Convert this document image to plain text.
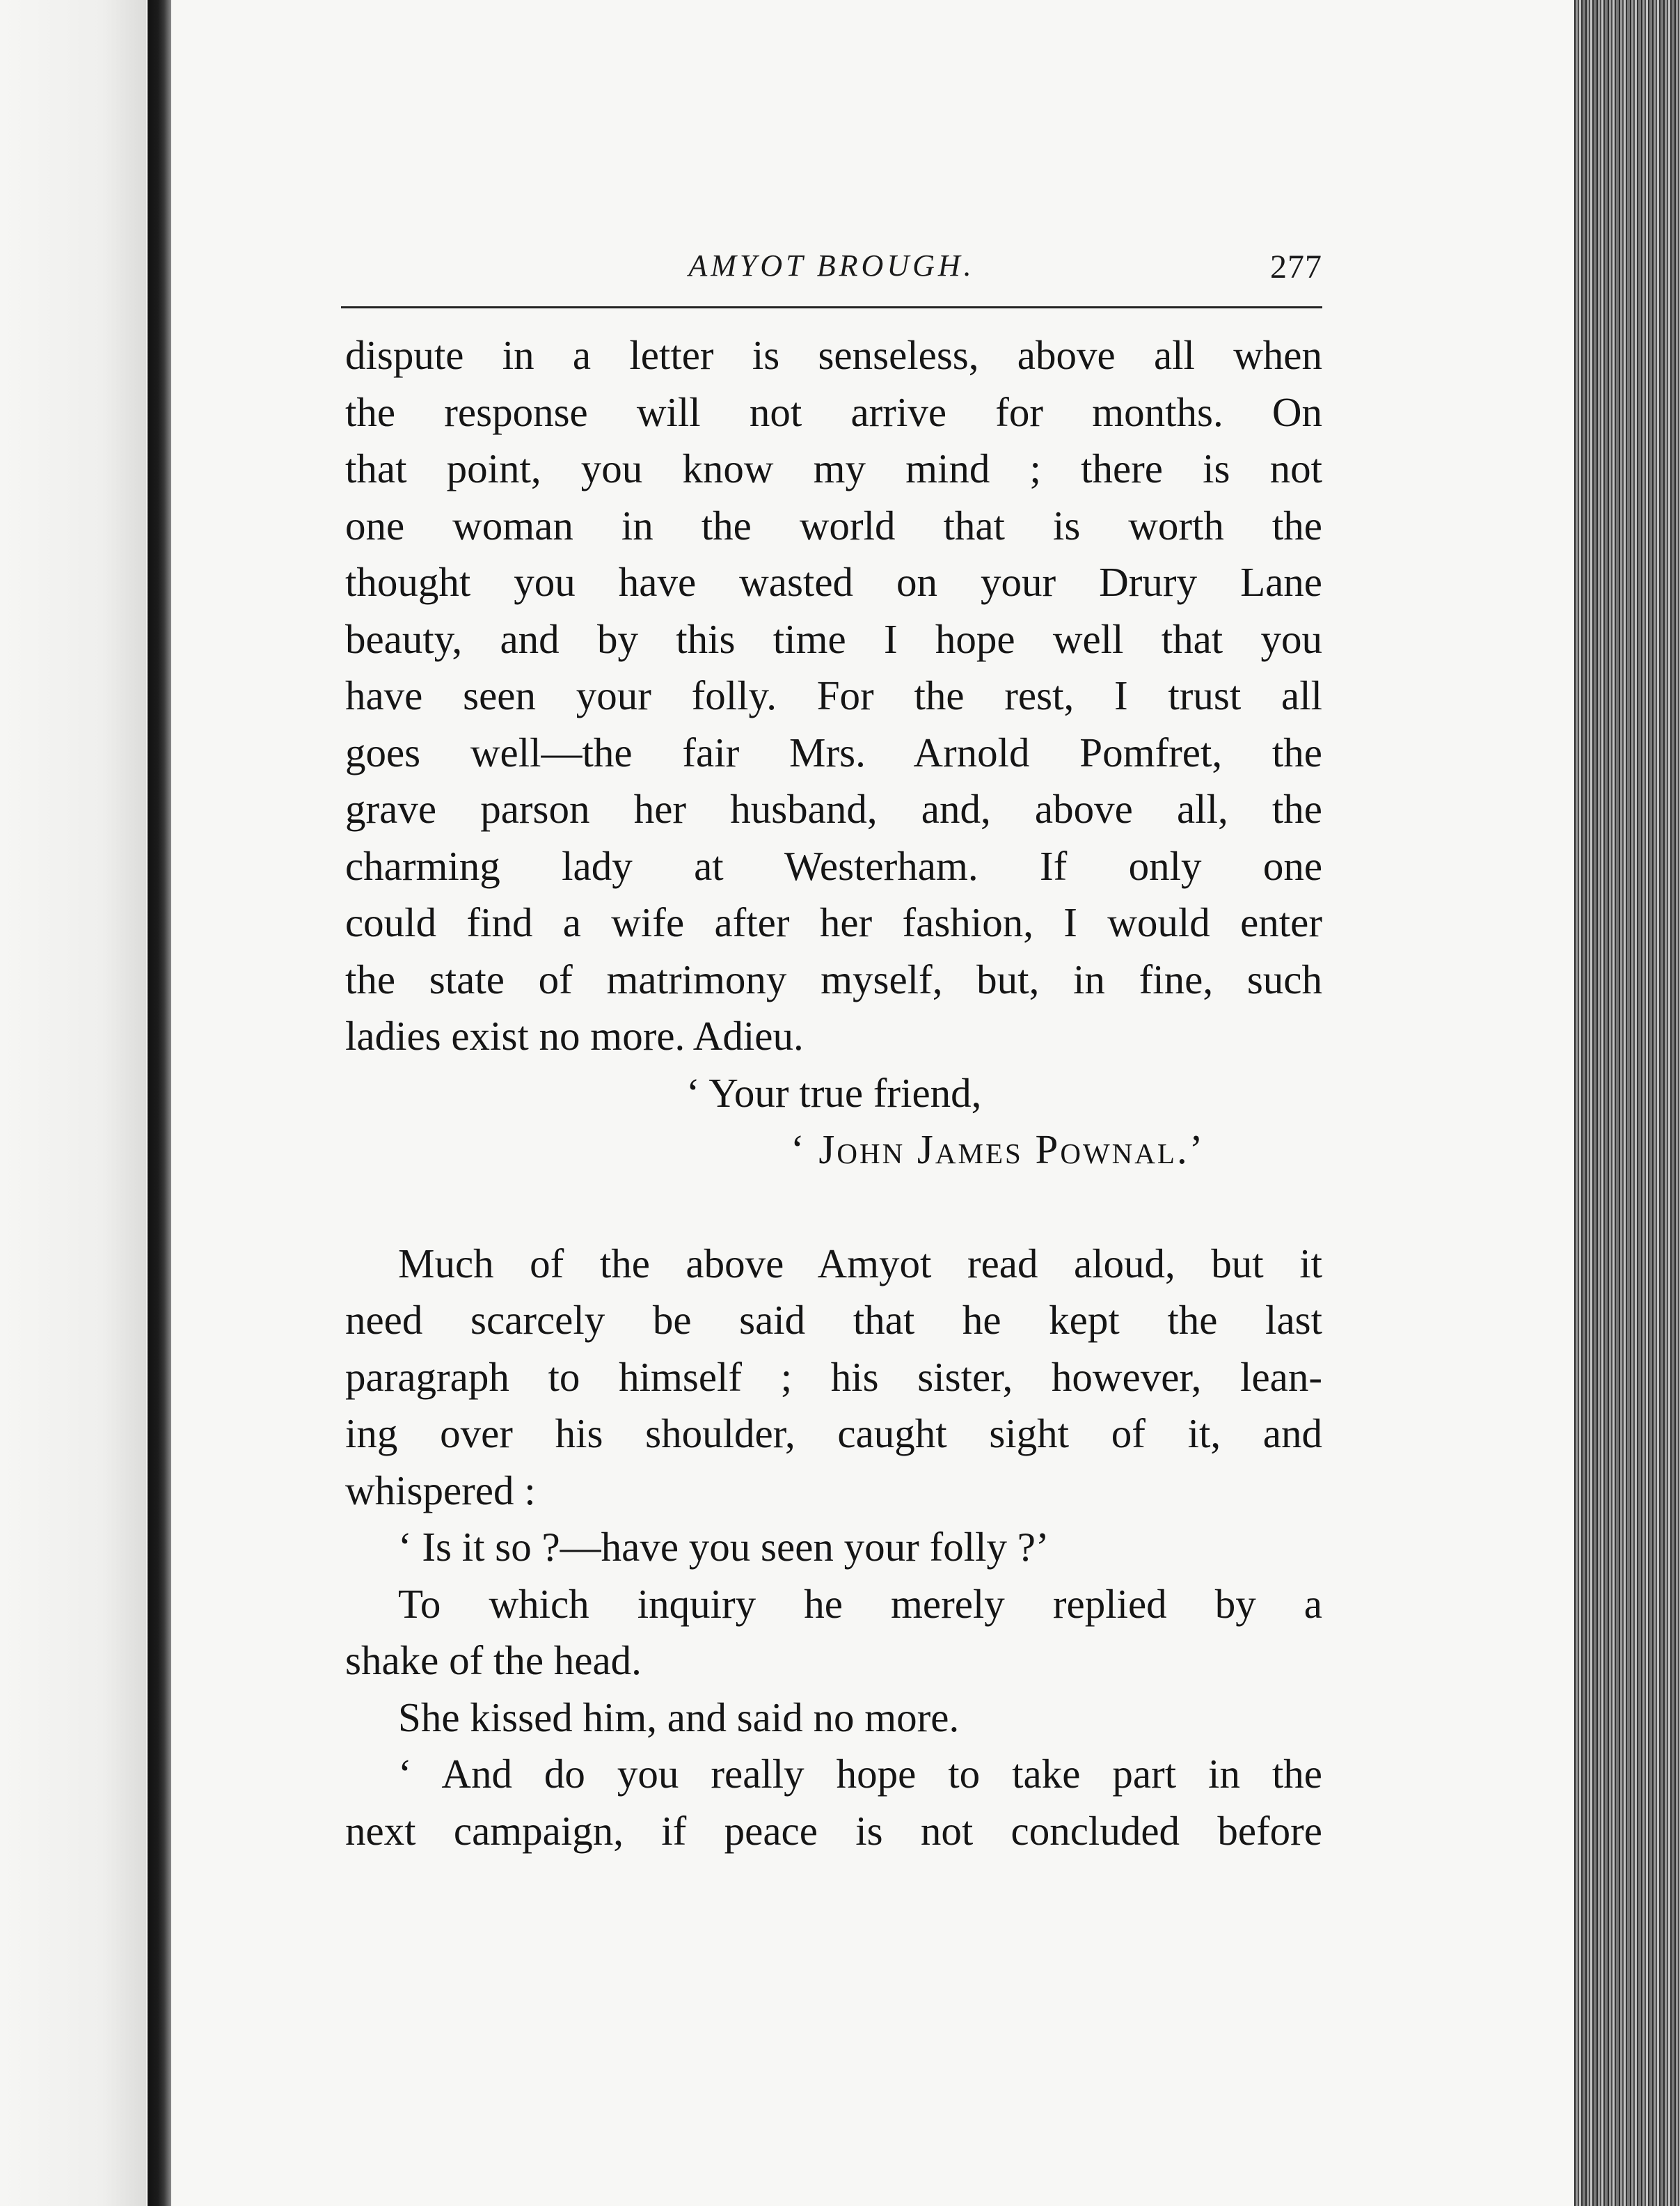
AMYOT BROUGH.	277
dispute in a letter is senseless, above all when
the response will not arrive for months. On
that point, you know my mind ; there is not
one woman in the world that is worth the
thought you have wasted on your Drury Lane
beauty, and by this time I hope well that you
have seen your folly. For the rest, I trust all
goes well—the fair Mrs. Arnold Pomfret, the
grave parson her husband, and, above all, the
charming lady at Westerham. If only one
could find a wife after her fashion, I would enter
the state of matrimony myself, but, in fine, such
ladies exist no more. Adieu.
‘ Your true friend,
‘ John James Pownal.’
Much of the above Amyot read aloud, but it
need scarcely be said that he kept the last
paragraph to himself ; his sister, however, lean-
ing over his shoulder, caught sight of it, and
whispered :
‘ Is it so ?—have you seen your folly ?’
To which inquiry he merely replied by a
shake of the head.
She kissed him, and said no more.
‘ And do you really hope to take part in the
next campaign, if peace is not concluded before
